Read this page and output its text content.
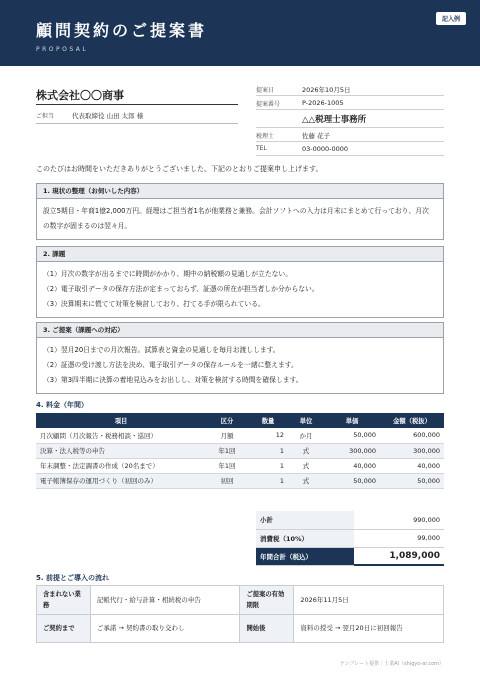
顧問契約のご提案書
PROPOSAL
記入例
株式会社〇〇商事
ご担当	代表取締役 山田 太郎 様
提案日	2026年10月5日
提案番号	P-2026-1005
△△税理士事務所
税理士	佐藤 花子
TEL	03-0000-0000
このたびはお時間をいただきありがとうございました。下記のとおりご提案申し上げます。
1. 現状の整理（お伺いした内容）
設立5期目・年商1億2,000万円。経理はご担当者1名が他業務と兼務。会計ソフトへの入力は月末にまとめて行っており、月次
の数字が固まるのは翌々月。
2. 課題
（1）月次の数字が出るまでに時間がかかり、期中の納税額の見通しが立たない。
（2）電子取引データの保存方法が定まっておらず、証憑の所在が担当者しか分からない。
（3）決算期末に慌てて対策を検討しており、打てる手が限られている。
3. ご提案（課題への対応）
（1）翌月20日までの月次報告。試算表と資金の見通しを毎月お渡しします。
（2）証憑の受け渡し方法を決め、電子取引データの保存ルールを一緒に整えます。
（3）第3四半期に決算の着地見込みをお出しし、対策を検討する時間を確保します。
4. 料金（年間）
項目	区分	数量	単位	単価	金額（税抜）
月次顧問（月次報告・税務相談・巡回）	月額	12	か月	50,000	600,000
決算・法人税等の申告	年1回	1	式	300,000	300,000
年末調整・法定調書の作成（20名まで）	年1回	1	式	40,000	40,000
電子帳簿保存の運用づくり（初回のみ）	初回	1	式	50,000	50,000
小計	990,000
消費税（10%）	99,000
年間合計（税込）	1,089,000
5. 前提とご導入の流れ
含まれない業務	記帳代行・給与計算・相続税の申告	ご提案の有効期限	2026年11月5日
ご契約まで	ご承諾 → 契約書の取り交わし	開始後	資料の授受 → 翌月20日に初回報告
テンプレート提供｜士業AI（shigyo-ai.com）
